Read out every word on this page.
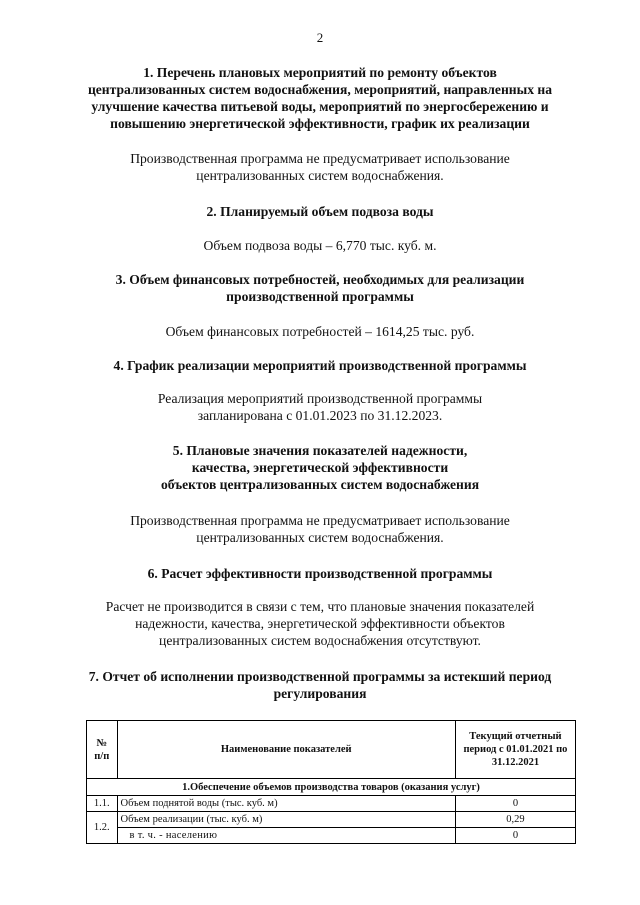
2
1. Перечень плановых мероприятий по ремонту объектов
централизованных систем водоснабжения, мероприятий, направленных на
улучшение качества питьевой воды, мероприятий по энергосбережению и
повышению энергетической эффективности, график их реализации
Производственная программа не предусматривает использование
централизованных систем водоснабжения.
2. Планируемый объем подвоза воды
Объем подвоза воды – 6,770 тыс. куб. м.
3. Объем финансовых потребностей, необходимых для реализации
производственной программы
Объем финансовых потребностей – 1614,25 тыс. руб.
4. График реализации мероприятий производственной программы
Реализация мероприятий производственной программы
запланирована с 01.01.2023 по 31.12.2023.
5. Плановые значения показателей надежности,
качества, энергетической эффективности
объектов централизованных систем водоснабжения
Производственная программа не предусматривает использование
централизованных систем водоснабжения.
6. Расчет эффективности производственной программы
Расчет не производится в связи с тем, что плановые значения показателей
надежности, качества, энергетической эффективности объектов
централизованных систем водоснабжения отсутствуют.
7. Отчет об исполнении производственной программы за истекший период
регулирования
№
п/п	Наименование показателей	Текущий отчетный
период с 01.01.2021 по
31.12.2021

1.Обеспечение объемов производства товаров (оказания услуг)		
1.1.	Объем поднятой воды (тыс. куб. м)	0
1.2.	Объем реализации (тыс. куб. м)	0,29
	в т. ч. - населению	0
